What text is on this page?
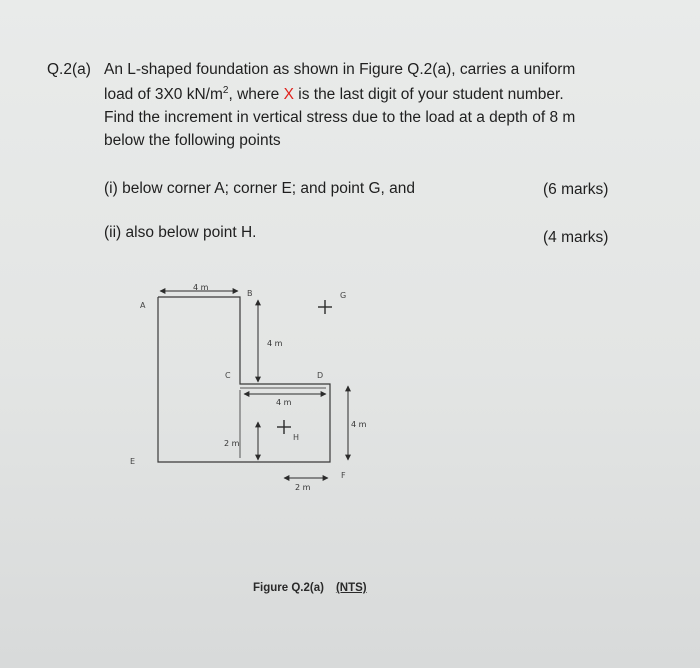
Q.2(a) An L-shaped foundation as shown in Figure Q.2(a), carries a uniform
load of 3X0 $kN/m^2$, where X is the last digit of your student number.
Find the increment in vertical stress due to the load at a depth of 8 m
below the following points
(i) below corner A; corner E; and point G, and	(6 marks)
(ii) also below point H.	(4 marks)
A
B
C	D
E
F
G
H
4 m
4 m
4 m
4 m
2 m
2 m
Figure Q.2(a) (NTS)
